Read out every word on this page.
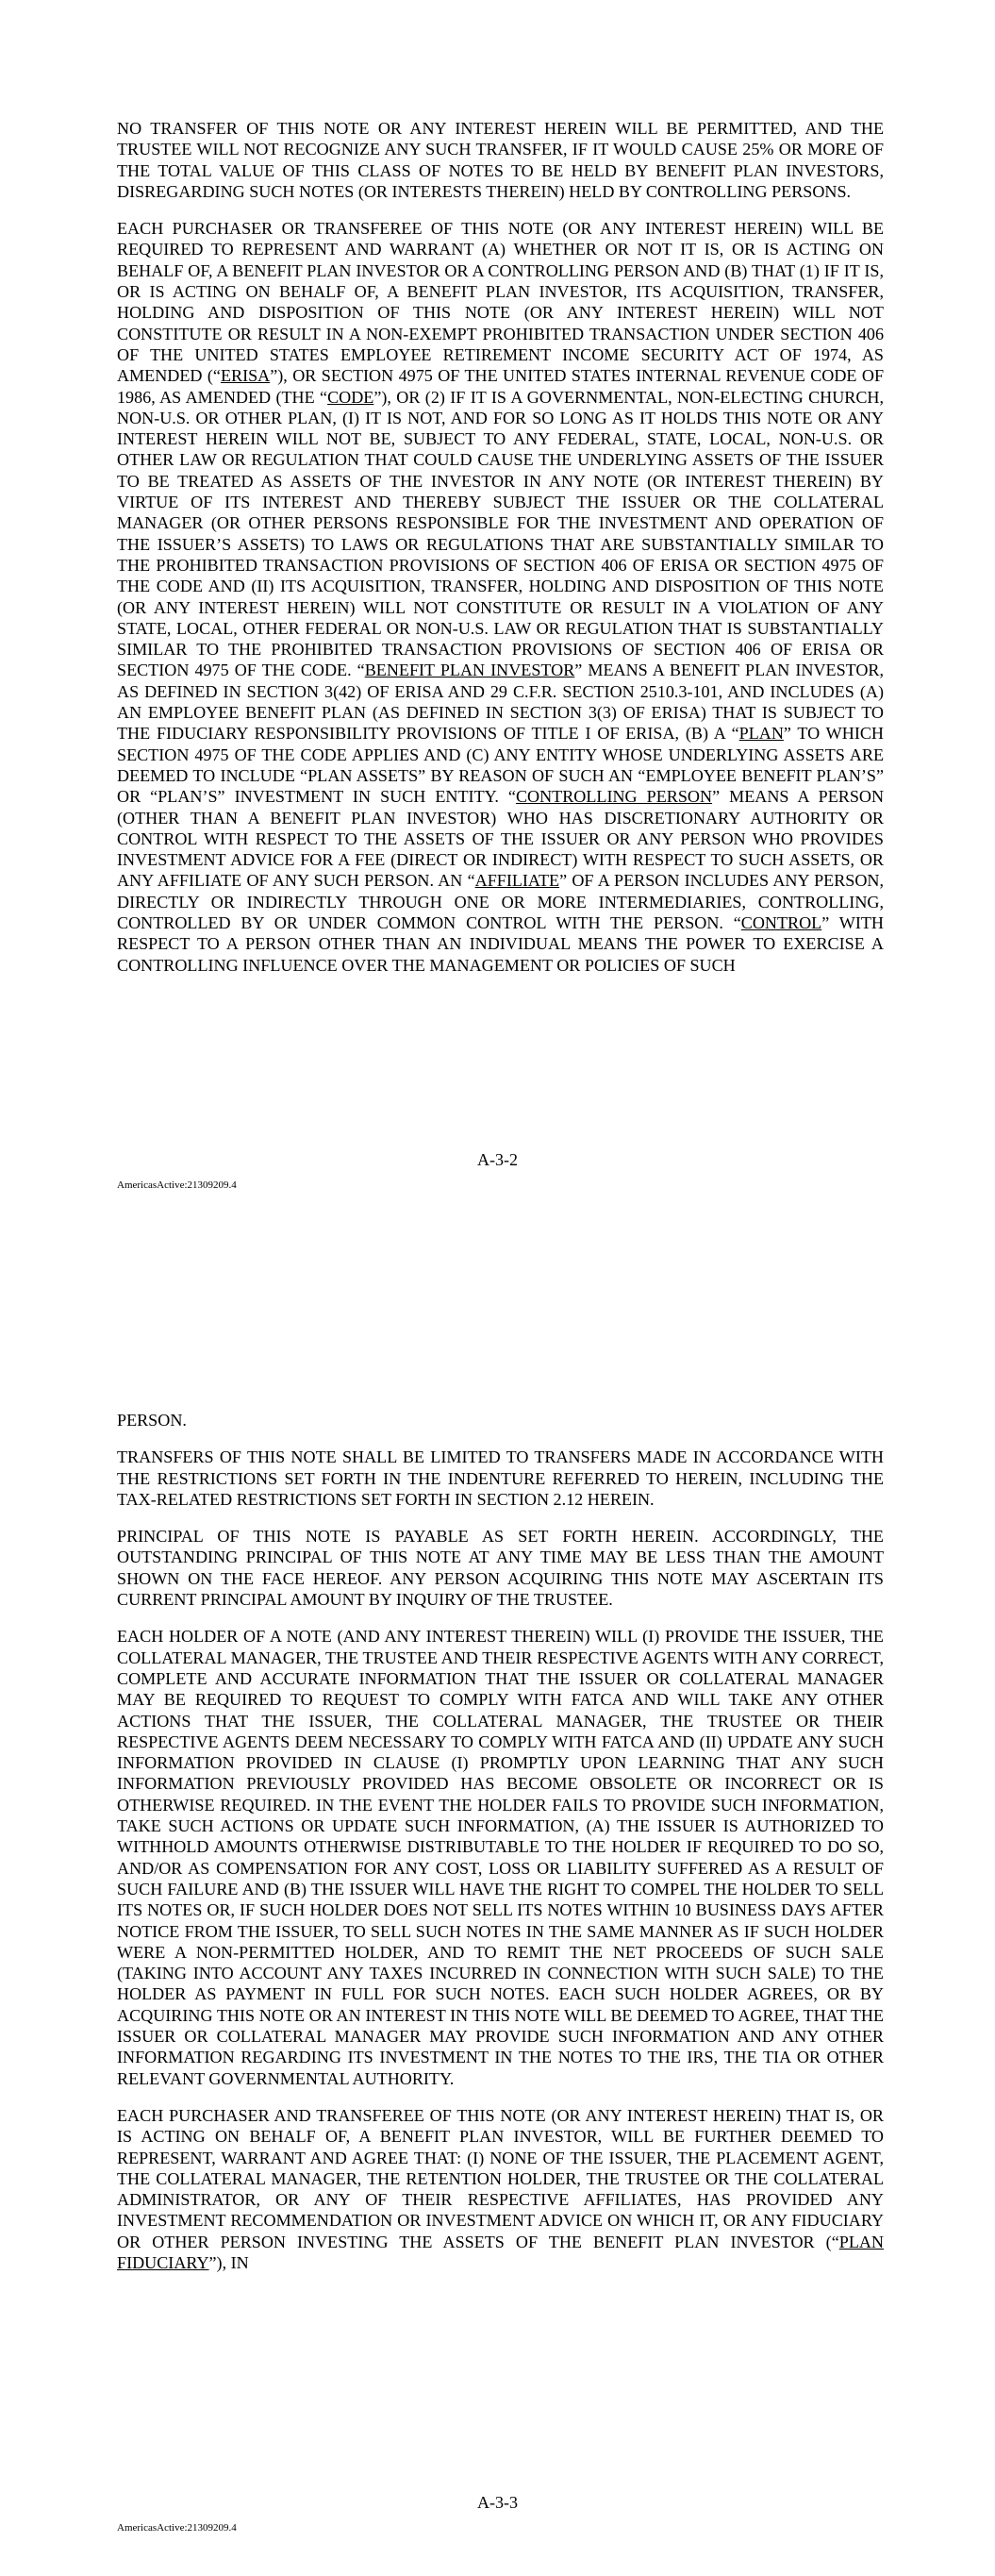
NO TRANSFER OF THIS NOTE OR ANY INTEREST HEREIN WILL BE PERMITTED, AND THE TRUSTEE WILL NOT RECOGNIZE ANY SUCH TRANSFER, IF IT WOULD CAUSE 25% OR MORE OF THE TOTAL VALUE OF THIS CLASS OF NOTES TO BE HELD BY BENEFIT PLAN INVESTORS, DISREGARDING SUCH NOTES (OR INTERESTS THEREIN) HELD BY CONTROLLING PERSONS.

EACH PURCHASER OR TRANSFEREE OF THIS NOTE (OR ANY INTEREST HEREIN) WILL BE REQUIRED TO REPRESENT AND WARRANT (A) WHETHER OR NOT IT IS, OR IS ACTING ON BEHALF OF, A BENEFIT PLAN INVESTOR OR A CONTROLLING PERSON AND (B) THAT (1) IF IT IS, OR IS ACTING ON BEHALF OF, A BENEFIT PLAN INVESTOR, ITS ACQUISITION, TRANSFER, HOLDING AND DISPOSITION OF THIS NOTE (OR ANY INTEREST HEREIN) WILL NOT CONSTITUTE OR RESULT IN A NON-EXEMPT PROHIBITED TRANSACTION UNDER SECTION 406 OF THE UNITED STATES EMPLOYEE RETIREMENT INCOME SECURITY ACT OF 1974, AS AMENDED (“ERISA”), OR SECTION 4975 OF THE UNITED STATES INTERNAL REVENUE CODE OF 1986, AS AMENDED (THE “CODE”), OR (2) IF IT IS A GOVERNMENTAL, NON-ELECTING CHURCH, NON-U.S. OR OTHER PLAN, (I) IT IS NOT, AND FOR SO LONG AS IT HOLDS THIS NOTE OR ANY INTEREST HEREIN WILL NOT BE, SUBJECT TO ANY FEDERAL, STATE, LOCAL, NON-U.S. OR OTHER LAW OR REGULATION THAT COULD CAUSE THE UNDERLYING ASSETS OF THE ISSUER TO BE TREATED AS ASSETS OF THE INVESTOR IN ANY NOTE (OR INTEREST THEREIN) BY VIRTUE OF ITS INTEREST AND THEREBY SUBJECT THE ISSUER OR THE COLLATERAL MANAGER (OR OTHER PERSONS RESPONSIBLE FOR THE INVESTMENT AND OPERATION OF THE ISSUER’S ASSETS) TO LAWS OR REGULATIONS THAT ARE SUBSTANTIALLY SIMILAR TO THE PROHIBITED TRANSACTION PROVISIONS OF SECTION 406 OF ERISA OR SECTION 4975 OF THE CODE AND (II) ITS ACQUISITION, TRANSFER, HOLDING AND DISPOSITION OF THIS NOTE (OR ANY INTEREST HEREIN) WILL NOT CONSTITUTE OR RESULT IN A VIOLATION OF ANY STATE, LOCAL, OTHER FEDERAL OR NON-U.S. LAW OR REGULATION THAT IS SUBSTANTIALLY SIMILAR TO THE PROHIBITED TRANSACTION PROVISIONS OF SECTION 406 OF ERISA OR SECTION 4975 OF THE CODE. “BENEFIT PLAN INVESTOR” MEANS A BENEFIT PLAN INVESTOR, AS DEFINED IN SECTION 3(42) OF ERISA AND 29 C.F.R. SECTION 2510.3-101, AND INCLUDES (A) AN EMPLOYEE BENEFIT PLAN (AS DEFINED IN SECTION 3(3) OF ERISA) THAT IS SUBJECT TO THE FIDUCIARY RESPONSIBILITY PROVISIONS OF TITLE I OF ERISA, (B) A “PLAN” TO WHICH SECTION 4975 OF THE CODE APPLIES AND (C) ANY ENTITY WHOSE UNDERLYING ASSETS ARE DEEMED TO INCLUDE “PLAN ASSETS” BY REASON OF SUCH AN “EMPLOYEE BENEFIT PLAN’S” OR “PLAN’S” INVESTMENT IN SUCH ENTITY. “CONTROLLING PERSON” MEANS A PERSON (OTHER THAN A BENEFIT PLAN INVESTOR) WHO HAS DISCRETIONARY AUTHORITY OR CONTROL WITH RESPECT TO THE ASSETS OF THE ISSUER OR ANY PERSON WHO PROVIDES INVESTMENT ADVICE FOR A FEE (DIRECT OR INDIRECT) WITH RESPECT TO SUCH ASSETS, OR ANY AFFILIATE OF ANY SUCH PERSON. AN “AFFILIATE” OF A PERSON INCLUDES ANY PERSON, DIRECTLY OR INDIRECTLY THROUGH ONE OR MORE INTERMEDIARIES, CONTROLLING, CONTROLLED BY OR UNDER COMMON CONTROL WITH THE PERSON. “CONTROL” WITH RESPECT TO A PERSON OTHER THAN AN INDIVIDUAL MEANS THE POWER TO EXERCISE A CONTROLLING INFLUENCE OVER THE MANAGEMENT OR POLICIES OF SUCH

A-3-2
AmericasActive:21309209.4

PERSON.

TRANSFERS OF THIS NOTE SHALL BE LIMITED TO TRANSFERS MADE IN ACCORDANCE WITH THE RESTRICTIONS SET FORTH IN THE INDENTURE REFERRED TO HEREIN, INCLUDING THE TAX-RELATED RESTRICTIONS SET FORTH IN SECTION 2.12 HEREIN.

PRINCIPAL OF THIS NOTE IS PAYABLE AS SET FORTH HEREIN. ACCORDINGLY, THE OUTSTANDING PRINCIPAL OF THIS NOTE AT ANY TIME MAY BE LESS THAN THE AMOUNT SHOWN ON THE FACE HEREOF. ANY PERSON ACQUIRING THIS NOTE MAY ASCERTAIN ITS CURRENT PRINCIPAL AMOUNT BY INQUIRY OF THE TRUSTEE.

EACH HOLDER OF A NOTE (AND ANY INTEREST THEREIN) WILL (I) PROVIDE THE ISSUER, THE COLLATERAL MANAGER, THE TRUSTEE AND THEIR RESPECTIVE AGENTS WITH ANY CORRECT, COMPLETE AND ACCURATE INFORMATION THAT THE ISSUER OR COLLATERAL MANAGER MAY BE REQUIRED TO REQUEST TO COMPLY WITH FATCA AND WILL TAKE ANY OTHER ACTIONS THAT THE ISSUER, THE COLLATERAL MANAGER, THE TRUSTEE OR THEIR RESPECTIVE AGENTS DEEM NECESSARY TO COMPLY WITH FATCA AND (II) UPDATE ANY SUCH INFORMATION PROVIDED IN CLAUSE (I) PROMPTLY UPON LEARNING THAT ANY SUCH INFORMATION PREVIOUSLY PROVIDED HAS BECOME OBSOLETE OR INCORRECT OR IS OTHERWISE REQUIRED. IN THE EVENT THE HOLDER FAILS TO PROVIDE SUCH INFORMATION, TAKE SUCH ACTIONS OR UPDATE SUCH INFORMATION, (A) THE ISSUER IS AUTHORIZED TO WITHHOLD AMOUNTS OTHERWISE DISTRIBUTABLE TO THE HOLDER IF REQUIRED TO DO SO, AND/OR AS COMPENSATION FOR ANY COST, LOSS OR LIABILITY SUFFERED AS A RESULT OF SUCH FAILURE AND (B) THE ISSUER WILL HAVE THE RIGHT TO COMPEL THE HOLDER TO SELL ITS NOTES OR, IF SUCH HOLDER DOES NOT SELL ITS NOTES WITHIN 10 BUSINESS DAYS AFTER NOTICE FROM THE ISSUER, TO SELL SUCH NOTES IN THE SAME MANNER AS IF SUCH HOLDER WERE A NON-PERMITTED HOLDER, AND TO REMIT THE NET PROCEEDS OF SUCH SALE (TAKING INTO ACCOUNT ANY TAXES INCURRED IN CONNECTION WITH SUCH SALE) TO THE HOLDER AS PAYMENT IN FULL FOR SUCH NOTES. EACH SUCH HOLDER AGREES, OR BY ACQUIRING THIS NOTE OR AN INTEREST IN THIS NOTE WILL BE DEEMED TO AGREE, THAT THE ISSUER OR COLLATERAL MANAGER MAY PROVIDE SUCH INFORMATION AND ANY OTHER INFORMATION REGARDING ITS INVESTMENT IN THE NOTES TO THE IRS, THE TIA OR OTHER RELEVANT GOVERNMENTAL AUTHORITY.

EACH PURCHASER AND TRANSFEREE OF THIS NOTE (OR ANY INTEREST HEREIN) THAT IS, OR IS ACTING ON BEHALF OF, A BENEFIT PLAN INVESTOR, WILL BE FURTHER DEEMED TO REPRESENT, WARRANT AND AGREE THAT: (I) NONE OF THE ISSUER, THE PLACEMENT AGENT, THE COLLATERAL MANAGER, THE RETENTION HOLDER, THE TRUSTEE OR THE COLLATERAL ADMINISTRATOR, OR ANY OF THEIR RESPECTIVE AFFILIATES, HAS PROVIDED ANY INVESTMENT RECOMMENDATION OR INVESTMENT ADVICE ON WHICH IT, OR ANY FIDUCIARY OR OTHER PERSON INVESTING THE ASSETS OF THE BENEFIT PLAN INVESTOR (“PLAN FIDUCIARY”), IN

A-3-3
AmericasActive:21309209.4
